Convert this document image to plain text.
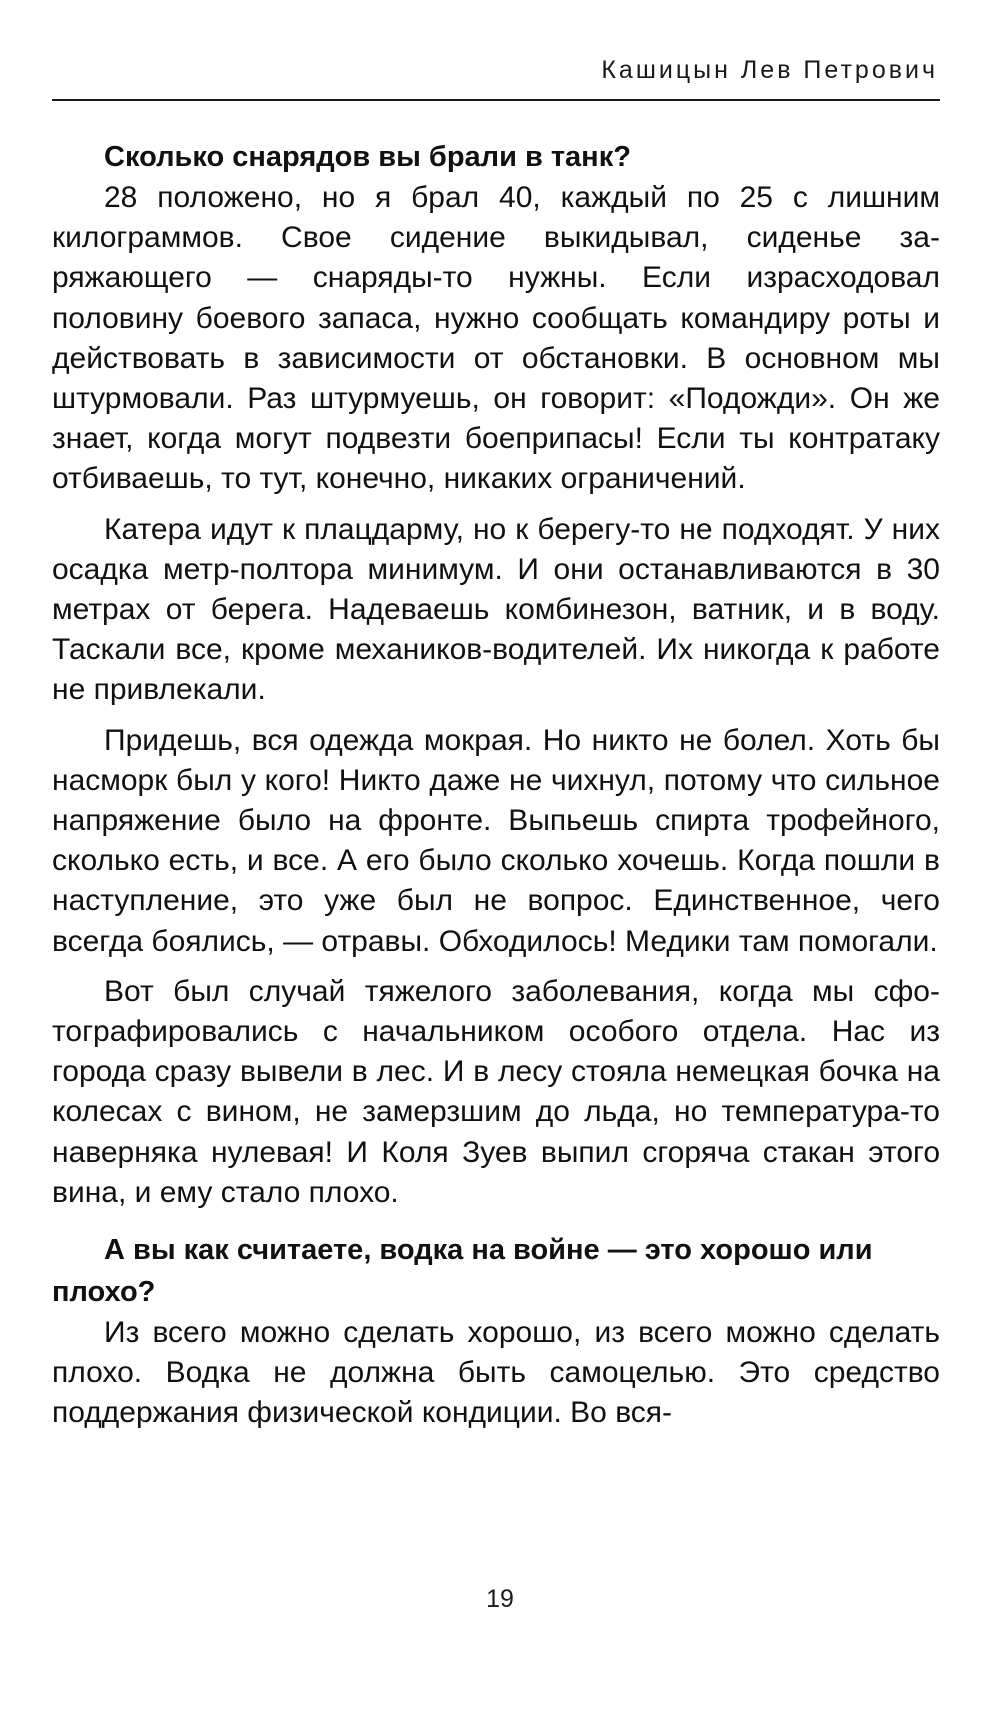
Кашицын Лев Петрович

Сколько снарядов вы брали в танк?

28 положено, но я брал 40, каждый по 25 с лишним килограммов. Свое сидение выкидывал, сиденье заряжающего — снаряды-то нужны. Если израсходовал половину боевого запаса, нужно сообщать командиру роты и действовать в зависимости от обстановки. В основном мы штурмовали. Раз штурмуешь, он говорит: «Подожди». Он же знает, когда могут подвезти боеприпасы! Если ты контратаку отбиваешь, то тут, конечно, никаких ограничений.

Катера идут к плацдарму, но к берегу-то не подходят. У них осадка метр-полтора минимум. И они останавливаются в 30 метрах от берега. Надеваешь комбинезон, ватник, и в воду. Таскали все, кроме механиков-водителей. Их никогда к работе не привлекали.

Придешь, вся одежда мокрая. Но никто не болел. Хоть бы насморк был у кого! Никто даже не чихнул, потому что сильное напряжение было на фронте. Выпьешь спирта трофейного, сколько есть, и все. А его было сколько хочешь. Когда пошли в наступление, это уже был не вопрос. Единственное, чего всегда боялись, — отравы. Обходилось! Медики там помогали.

Вот был случай тяжелого заболевания, когда мы сфотографировались с начальником особого отдела. Нас из города сразу вывели в лес. И в лесу стояла немецкая бочка на колесах с вином, не замерзшим до льда, но температура-то наверняка нулевая! И Коля Зуев выпил сгоряча стакан этого вина, и ему стало плохо.

А вы как считаете, водка на войне — это хорошо или плохо?

Из всего можно сделать хорошо, из всего можно сделать плохо. Водка не должна быть самоцелью. Это средство поддержания физической кондиции. Во вся-

19
